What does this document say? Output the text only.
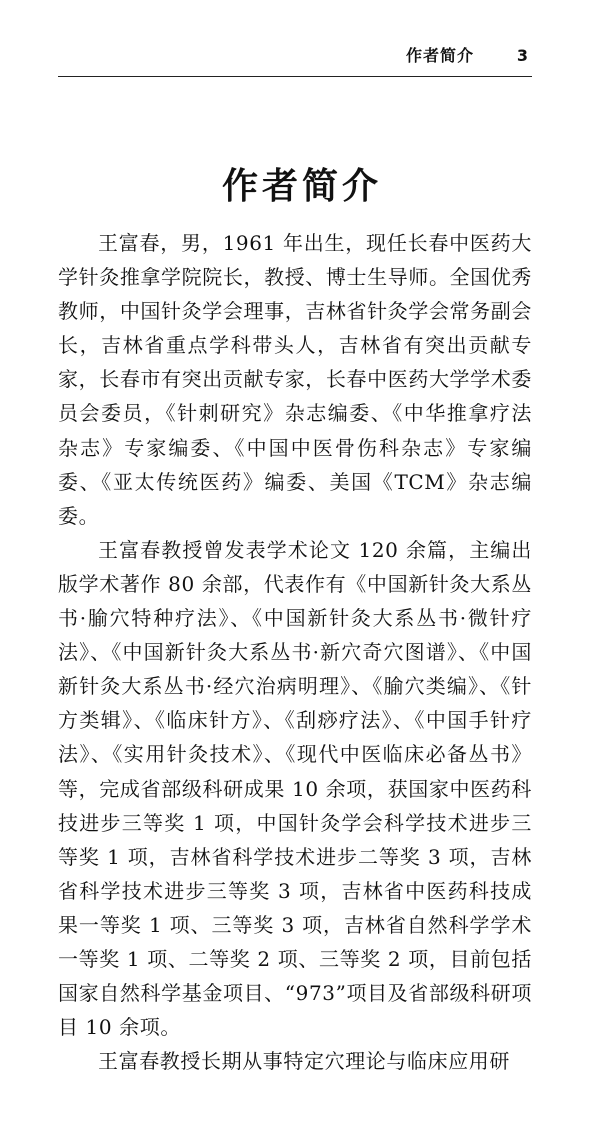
作者简介	3
作者简介

王富春，男，1961 年出生，现任长春中医药大学针灸推拿学院院长，教授、博士生导师。全国优秀教师，中国针灸学会理事，吉林省针灸学会常务副会长，吉林省重点学科带头人，吉林省有突出贡献专家，长春市有突出贡献专家，长春中医药大学学术委员会委员，《针刺研究》杂志编委、《中华推拿疗法杂志》专家编委、《中国中医骨伤科杂志》专家编委、《亚太传统医药》编委、美国《TCM》杂志编委。

王富春教授曾发表学术论文 120 余篇，主编出版学术著作 80 余部，代表作有《中国新针灸大系丛书·腧穴特种疗法》、《中国新针灸大系丛书·微针疗法》、《中国新针灸大系丛书·新穴奇穴图谱》、《中国新针灸大系丛书·经穴治病明理》、《腧穴类编》、《针方类辑》、《临床针方》、《刮痧疗法》、《中国手针疗法》、《实用针灸技术》、《现代中医临床必备丛书》等，完成省部级科研成果 10 余项，获国家中医药科技进步三等奖 1 项，中国针灸学会科学技术进步三等奖 1 项，吉林省科学技术进步二等奖 3 项，吉林省科学技术进步三等奖 3 项，吉林省中医药科技成果一等奖 1 项、三等奖 3 项，吉林省自然科学学术一等奖 1 项、二等奖 2 项、三等奖 2 项，目前包括国家自然科学基金项目、“973”项目及省部级科研项目 10 余项。

王富春教授长期从事特定穴理论与临床应用研
